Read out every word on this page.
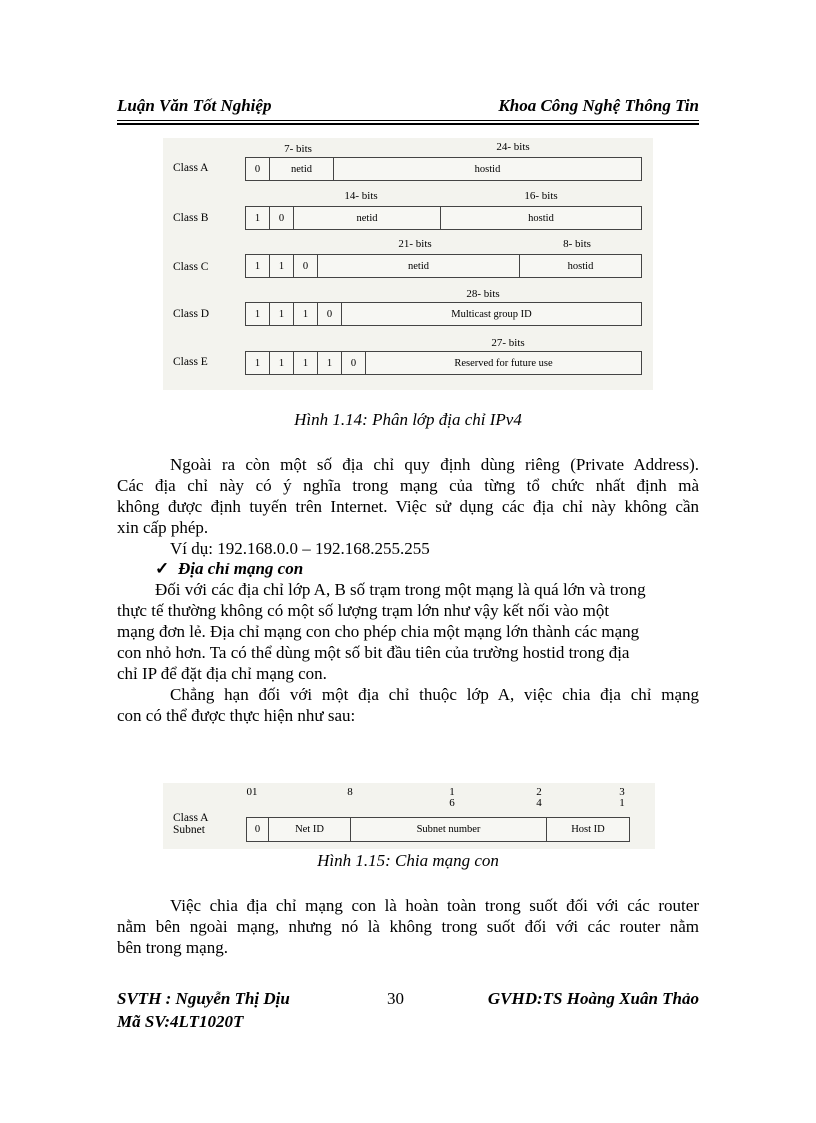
Luận Văn Tốt Nghiệp	Khoa Công Nghệ Thông Tin
Class A
7- bits	24- bits
0	netid	hostid
Class B
14- bits	16- bits
1	0	netid	hostid
Class C
21- bits	8- bits
1	1	0	netid	hostid
Class D
28- bits
1	1	1	0	Multicast group ID
Class E
27- bits
1	1	1	1	0	Reserved for future use
Hình 1.14: Phân lớp địa chỉ IPv4
Ngoài ra còn một số địa chỉ quy định dùng riêng (Private Address).
Các địa chỉ này có ý nghĩa trong mạng của từng tổ chức nhất định mà
không được định tuyến trên Internet. Việc sử dụng các địa chỉ này không cần
xin cấp phép.
Ví dụ: 192.168.0.0 – 192.168.255.255
✓ Địa chỉ mạng con
Đối với các địa chỉ lớp A, B số trạm trong một mạng là quá lớn và trong
thực tế thường không có một số lượng trạm lớn như vậy kết nối vào một
mạng đơn lẻ. Địa chỉ mạng con cho phép chia một mạng lớn thành các mạng
con nhỏ hơn. Ta có thể dùng một số bit đầu tiên của trường hostid trong địa
chỉ IP để đặt địa chỉ mạng con.
Chẳng hạn đối với một địa chỉ thuộc lớp A, việc chia địa chỉ mạng
con có thể được thực hiện như sau:
Class A
Subnet
01	8	1
6
2
4
3
1
0	Net ID	Subnet number	Host ID
Hình 1.15: Chia mạng con
Việc chia địa chỉ mạng con là hoàn toàn trong suốt đối với các router
nằm bên ngoài mạng, nhưng nó là không trong suốt đối với các router nằm
bên trong mạng.
SVTH : Nguyễn Thị Dịu	30	GVHD:TS Hoàng Xuân Thảo
Mã SV:4LT1020T
